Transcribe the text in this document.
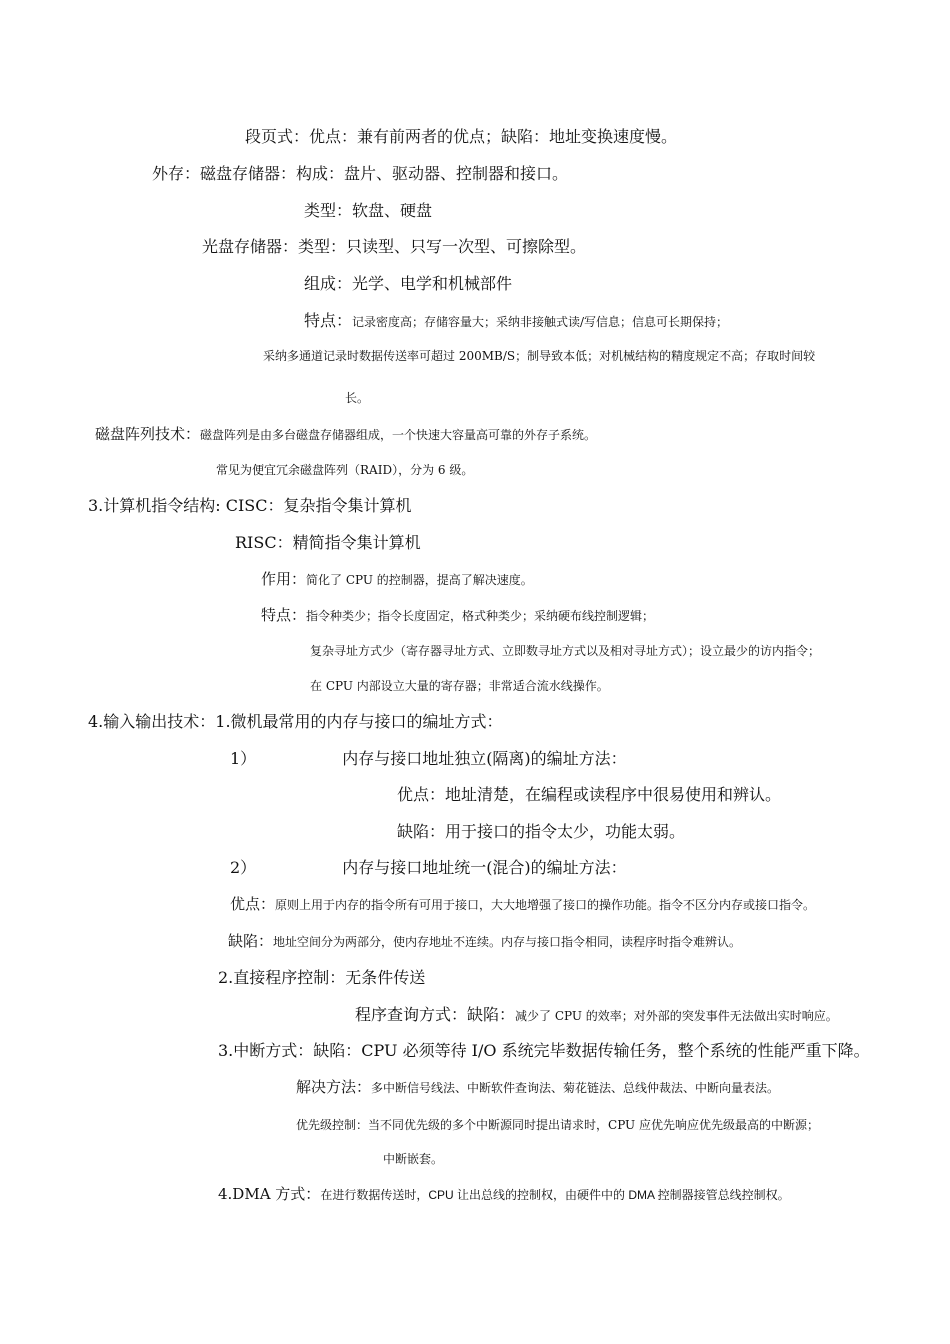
段页式：优点：兼有前两者的优点；缺陷：地址变换速度慢。
外存：磁盘存储器：构成：盘片、驱动器、控制器和接口。
类型：软盘、硬盘
光盘存储器：类型：只读型、只写一次型、可擦除型。
组成：光学、电学和机械部件
特点：记录密度高；存储容量大；采纳非接触式读/写信息；信息可长期保持；
采纳多通道记录时数据传送率可超过 200MB/S；制导致本低；对机械结构的精度规定不高；存取时间较
长。
磁盘阵列技术：磁盘阵列是由多台磁盘存储器组成，一个快速大容量高可靠的外存子系统。
常见为便宜冗余磁盘阵列（RAID），分为 6 级。
3.计算机指令结构: CISC：复杂指令集计算机
RISC：精简指令集计算机
作用：简化了 CPU 的控制器，提高了解决速度。
特点：指令种类少；指令长度固定，格式种类少；采纳硬布线控制逻辑；
复杂寻址方式少（寄存器寻址方式、立即数寻址方式以及相对寻址方式）；设立最少的访内指令；
在 CPU 内部设立大量的寄存器；非常适合流水线操作。
4.输入输出技术：1.微机最常用的内存与接口的编址方式：
1）	内存与接口地址独立(隔离)的编址方法：
优点：地址清楚，在编程或读程序中很易使用和辨认。
缺陷：用于接口的指令太少，功能太弱。
2）	内存与接口地址统一(混合)的编址方法：
优点：原则上用于内存的指令所有可用于接口，大大地增强了接口的操作功能。指令不区分内存或接口指令。
缺陷：地址空间分为两部分，使内存地址不连续。内存与接口指令相同，读程序时指令难辨认。
2.直接程序控制：无条件传送
程序查询方式：缺陷：减少了 CPU 的效率；对外部的突发事件无法做出实时响应。
3.中断方式：缺陷：CPU 必须等待 I/O 系统完毕数据传输任务，整个系统的性能严重下降。
解决方法：多中断信号线法、中断软件查询法、菊花链法、总线仲裁法、中断向量表法。
优先级控制：当不同优先级的多个中断源同时提出请求时，CPU 应优先响应优先级最高的中断源；
中断嵌套。
4.DMA 方式：在进行数据传送时，CPU 让出总线的控制权，由硬件中的 DMA 控制器接管总线控制权。
